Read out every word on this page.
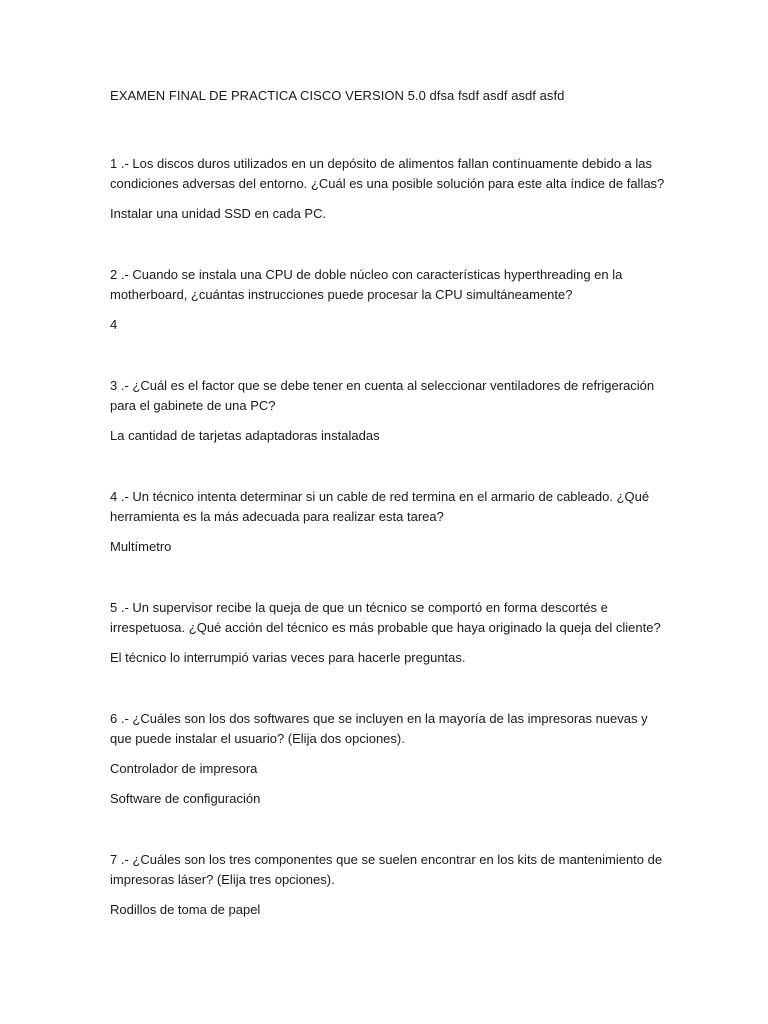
EXAMEN FINAL DE PRACTICA CISCO VERSION 5.0 dfsa fsdf asdf asdf asfd

1 .- Los discos duros utilizados en un depósito de alimentos fallan contínuamente debido a las condiciones adversas del entorno. ¿Cuál es una posible solución para este alta índice de fallas?

Instalar una unidad SSD en cada PC.

2 .- Cuando se instala una CPU de doble núcleo con características hyperthreading en la motherboard, ¿cuántas instrucciones puede procesar la CPU simultáneamente?

4

3 .- ¿Cuál es el factor que se debe tener en cuenta al seleccionar ventiladores de refrigeración para el gabinete de una PC?

La cantidad de tarjetas adaptadoras instaladas

4 .- Un técnico intenta determinar si un cable de red termina en el armario de cableado. ¿Qué herramienta es la más adecuada para realizar esta tarea?

Multímetro

5 .- Un supervisor recibe la queja de que un técnico se comportó en forma descortés e irrespetuosa. ¿Qué acción del técnico es más probable que haya originado la queja del cliente?

El técnico lo interrumpió varias veces para hacerle preguntas.

6 .- ¿Cuáles son los dos softwares que se incluyen en la mayoría de las impresoras nuevas y que puede instalar el usuario? (Elija dos opciones).

Controlador de impresora

Software de configuración

7 .- ¿Cuáles son los tres componentes que se suelen encontrar en los kits de mantenimiento de impresoras láser? (Elija tres opciones).

Rodillos de toma de papel
